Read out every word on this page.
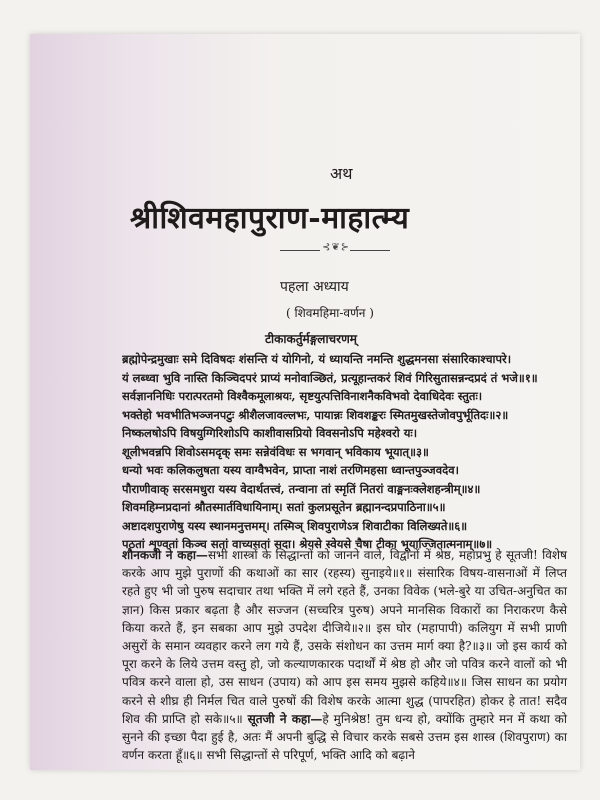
अथ
श्रीशिवमहापुराण-माहात्म्य
⊰❦⊱
पहला अध्याय
( शिवमहिमा-वर्णन )
टीकाकर्तुर्मङ्गलाचरणम्
ब्रह्मोपेन्द्रमुखाः समे दिविषदः शंसन्ति यं योगिनो, यं ध्यायन्ति नमन्ति शुद्धमनसा संसारिकाश्चापरे।
यं लब्ध्वा भुवि नास्ति किञ्चिदपरं प्राप्यं मनोवाञ्छितं, प्रत्यूहान्तकरं शिवं गिरिसुतासन्नन्दप्रदं तं भजे॥१॥
सर्वज्ञाननिधिः परात्परतमो विश्वैकमूलाश्रयः, सृष्टयुत्पत्तिविनाशनैकविभवो देवाधिदेवः स्तुतः।
भक्तेहो भवभीतिभञ्जनपटुः श्रीशैलजावल्लभः, पायान्नः शिवशङ्करः स्मितमुखस्तेजोवपुर्भूतिदः॥२॥
निष्कलषोऽपि विषयुग्गिरिशोऽपि काशीवासप्रियो विवसनोऽपि महेश्वरो यः।
शूलीभवन्नपि शिवोऽसमदृक् समः सन्नेवंविधः स भगवान् भविकाय भूयात्॥३॥
धन्यो भवः कलिकलुषता यस्य वाग्वैभवेन, प्राप्ता नाशं तरणिमहसा ध्वान्तपुञ्जवदेव।
पौराणीवाक् सरसमधुरा यस्य वेदार्थतत्त्वं, तन्वाना तां स्मृतिं नितरां वाङ्मनःक्लेशहन्त्रीम्॥४॥
शिवमहिम्नप्रदानां श्रौतस्मार्तविधायिनाम्। सतां कुलप्रसूतेन ब्रह्मानन्दप्रपाठिना॥५॥
अष्टादशपुराणेषु यस्य स्थानमनुत्तमम्। तस्मिञ् शिवपुराणेऽत्र शिवाटीका विलिख्यते॥६॥
पठतां शृण्वतां किञ्च सतां वाच्यसतां सदा। श्रेयसे स्वेयसे चैषा टीका भूयाज्जितात्मनाम्॥७॥
शौनकजी ने कहा—सभी शास्त्रों के सिद्धान्तों को जानने वाले, विद्वानों में श्रेष्ठ, महाप्रभु हे सूतजी! विशेष करके आप मुझे पुराणों की कथाओं का सार (रहस्य) सुनाइये॥१॥ संसारिक विषय-वासनाओं में लिप्त रहते हुए भी जो पुरुष सदाचार तथा भक्ति में लगे रहते हैं, उनका विवेक (भले-बुरे या उचित-अनुचित का ज्ञान) किस प्रकार बढ़ता है और सज्जन (सच्चरित्र पुरुष) अपने मानसिक विकारों का निराकरण कैसे किया करते हैं, इन सबका आप मुझे उपदेश दीजिये॥२॥ इस घोर (महापापी) कलियुग में सभी प्राणी असुरों के समान व्यवहार करने लग गये हैं, उसके संशोधन का उत्तम मार्ग क्या है?॥३॥ जो इस कार्य को पूरा करने के लिये उत्तम वस्तु हो, जो कल्याणकारक पदार्थों में श्रेष्ठ हो और जो पवित्र करने वालों को भी पवित्र करने वाला हो, उस साधन (उपाय) को आप इस समय मुझसे कहिये॥४॥ जिस साधन का प्रयोग करने से शीघ्र ही निर्मल चित वाले पुरुषों की विशेष करके आत्मा शुद्ध (पापरहित) होकर हे तात! सदैव शिव की प्राप्ति हो सके॥५॥ सूतजी ने कहा—हे मुनिश्रेष्ठ! तुम धन्य हो, क्योंकि तुम्हारे मन में कथा को सुनने की इच्छा पैदा हुई है, अतः मैं अपनी बुद्धि से विचार करके सबसे उत्तम इस शास्त्र (शिवपुराण) का वर्णन करता हूँ॥६॥ सभी सिद्धान्तों से परिपूर्ण, भक्ति आदि को बढ़ाने
